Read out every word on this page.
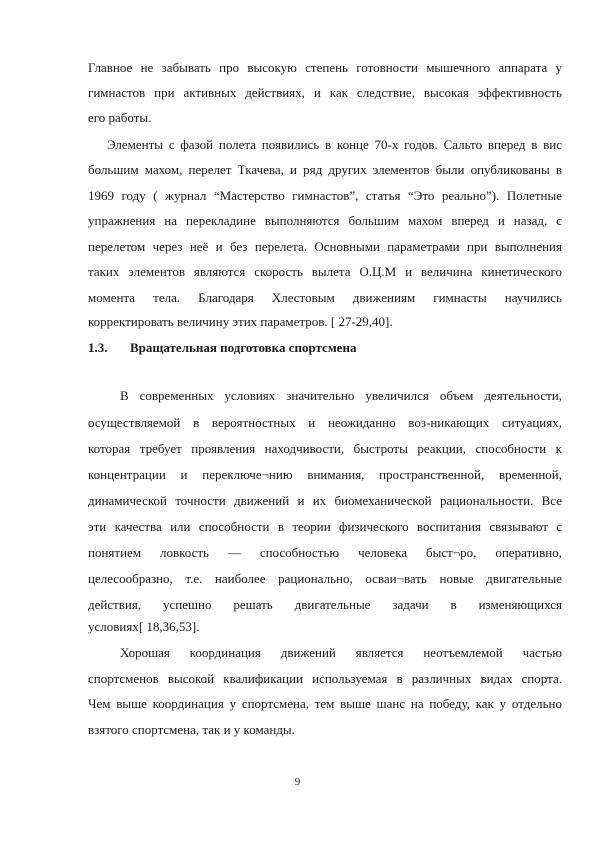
Главное не забывать про высокую степень готовности мышечного аппарата у
гимнастов при активных действиях, и как следствие, высокая эффективность
его работы.
Элементы с фазой полета появились в конце 70-х годов. Сальто вперед в вис
большим махом, перелет Ткачева, и ряд других элементов были опубликованы в
1969 году ( журнал “Мастерство гимнастов”, статья “Это реально”). Полетные
упражнения на перекладине выполняются большим махом вперед и назад, с
перелетом через неё и без перелета. Основными параметрами при выполнения
таких элементов являются скорость вылета О.Ц.М и величина кинетического
момента тела. Благодаря Хлестовым движениям гимнасты научились
корректировать величину этих параметров. [ 27-29,40].
1.3. Вращательная подготовка спортсмена
В современных условиях значительно увеличился объем деятельности,
осуществляемой в вероятностных и неожиданно воз-никающих ситуациях,
которая требует проявления находчивости, быстроты реакции, способности к
концентрации и переключе¬нию внимания, пространственной, временной,
динамической точности движений и их биомеханической рациональности. Все
эти качества или способности в теории физического воспитания связывают с
понятием ловкость — способностью человека быст¬ро, оперативно,
целесообразно, т.е. наиболее рационально, осваи¬вать новые двигательные
действия, успешно решать двигательные задачи в изменяющихся
условиях[ 18,36,53].
Хорошая координация движений является неотъемлемой частью
спортсменов высокой квалификации используемая в различных видах спорта.
Чем выше координация у спортсмена, тем выше шанс на победу, как у отдельно
взятого спортсмена, так и у команды.
9
